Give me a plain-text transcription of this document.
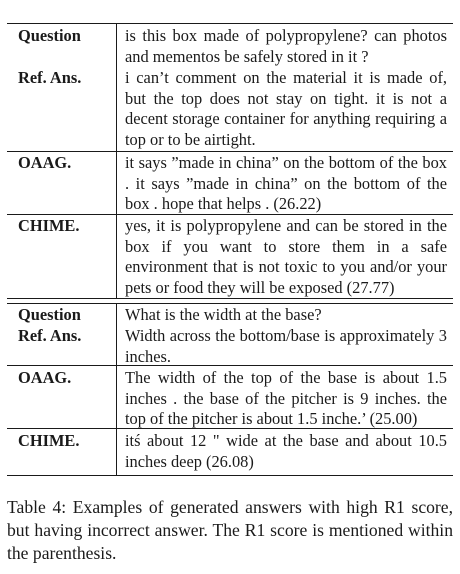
Question	is this box made of polypropylene? can photos and mementos be safely stored in it ?
Ref. Ans.	i can’t comment on the material it is made of, but the top does not stay on tight. it is not a decent storage container for anything requiring a top or to be airtight.
OAAG.	it says ”made in china” on the bottom of the box . it says ”made in china” on the bottom of the box . hope that helps . (26.22)
CHIME.	yes, it is polypropylene and can be stored in the box if you want to store them in a safe environment that is not toxic to you and/or your pets or food they will be exposed (27.77)
Question	What is the width at the base?
Ref. Ans.	Width across the bottom/base is approximately 3 inches.
OAAG.	The width of the top of the base is about 1.5 inches . the base of the pitcher is 9 inches. the top of the pitcher is about 1.5 inche.’ (25.00)
CHIME.	itś about 12 " wide at the base and about 10.5 inches deep (26.08)
Table 4: Examples of generated answers with high R1 score, but having incorrect answer. The R1 score is mentioned within the parenthesis.
